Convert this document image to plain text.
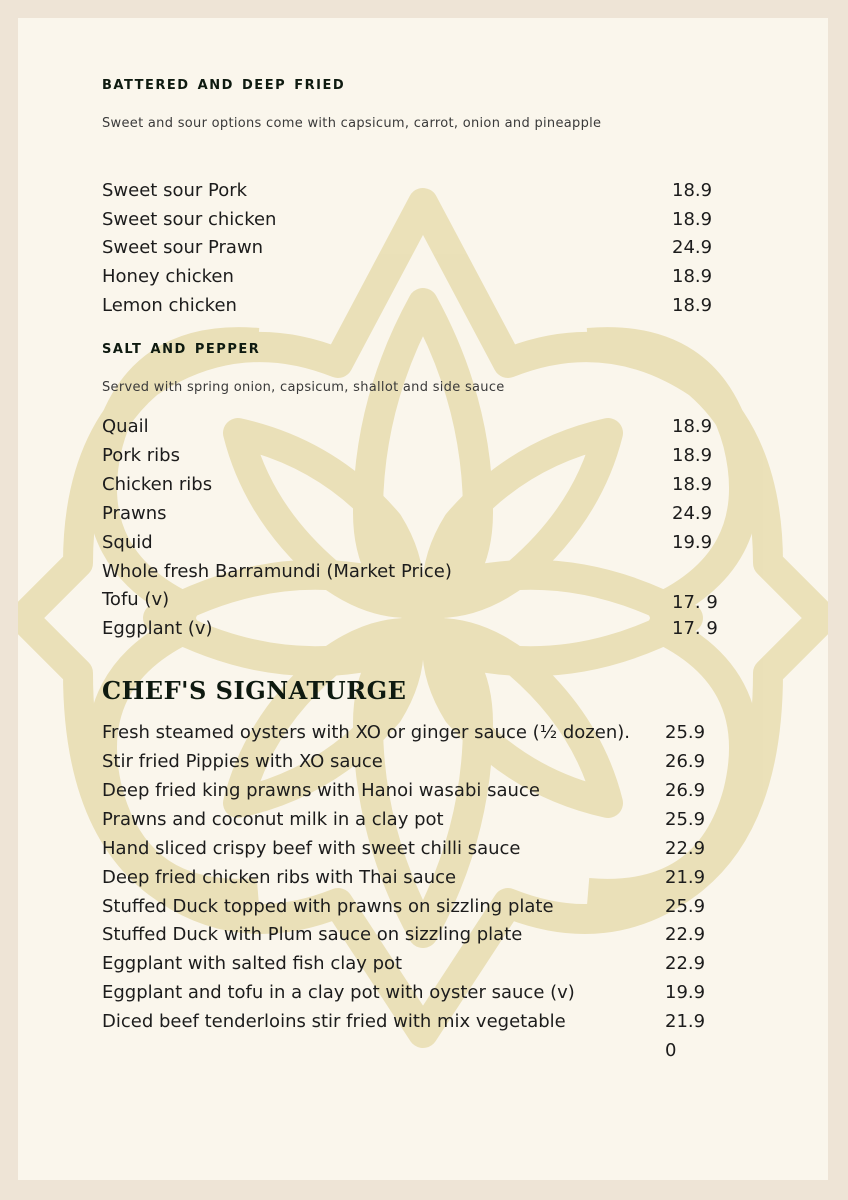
battered and deep fried

Sweet and sour options come with capsicum, carrot, onion and pineapple

Sweet sour Pork	18.9
Sweet sour chicken	18.9
Sweet sour Prawn	24.9
Honey chicken	18.9
Lemon chicken	18.9
salt and pepper

Served with spring onion, capsicum, shallot and side sauce

Quail	18.9
Pork ribs	18.9
Chicken ribs	18.9
Prawns	24.9
Squid	19.9
Whole fresh Barramundi (Market Price)
Tofu (v)	17. 9
Eggplant (v)	17. 9
CHEF'S SIGNATURGE
Fresh steamed oysters with XO or ginger sauce (½ dozen). 25.9
Stir fried Pippies with XO sauce	26.9
Deep fried king prawns with Hanoi wasabi sauce	26.9
Prawns and coconut milk in a clay pot	25.9
Hand sliced crispy beef with sweet chilli sauce	22.9
Deep fried chicken ribs with Thai sauce	21.9
Stuffed Duck topped with prawns on sizzling plate	25.9
Stuffed Duck with Plum sauce on sizzling plate	22.9
Eggplant with salted fish clay pot	22.9
Eggplant and tofu in a clay pot with oyster sauce (v)	19.9
Diced beef tenderloins stir fried with mix vegetable	21.9
0
